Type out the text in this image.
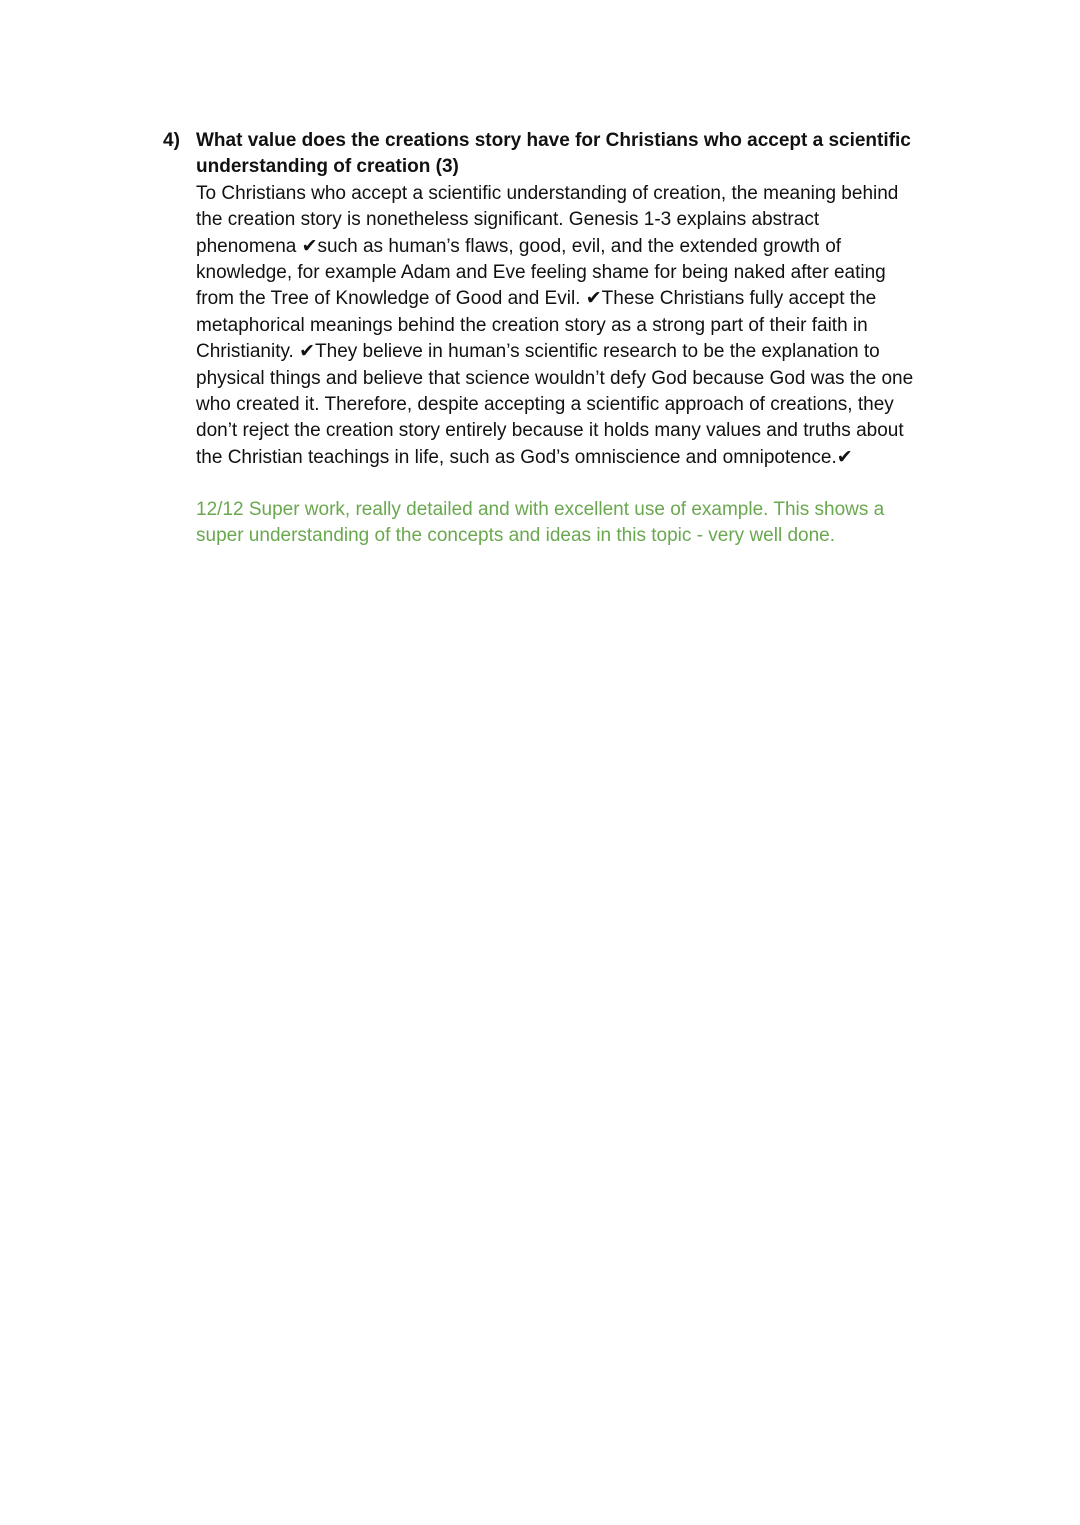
4) What value does the creations story have for Christians who accept a scientific understanding of creation (3)
To Christians who accept a scientific understanding of creation, the meaning behind
the creation story is nonetheless significant. Genesis 1-3 explains abstract
phenomena ✔such as human’s flaws, good, evil, and the extended growth of
knowledge, for example Adam and Eve feeling shame for being naked after eating
from the Tree of Knowledge of Good and Evil. ✔These Christians fully accept the
metaphorical meanings behind the creation story as a strong part of their faith in
Christianity. ✔They believe in human’s scientific research to be the explanation to
physical things and believe that science wouldn’t defy God because God was the one
who created it. Therefore, despite accepting a scientific approach of creations, they
don’t reject the creation story entirely because it holds many values and truths about
the Christian teachings in life, such as God’s omniscience and omnipotence.✔
12/12 Super work, really detailed and with excellent use of example. This shows a
super understanding of the concepts and ideas in this topic - very well done.
